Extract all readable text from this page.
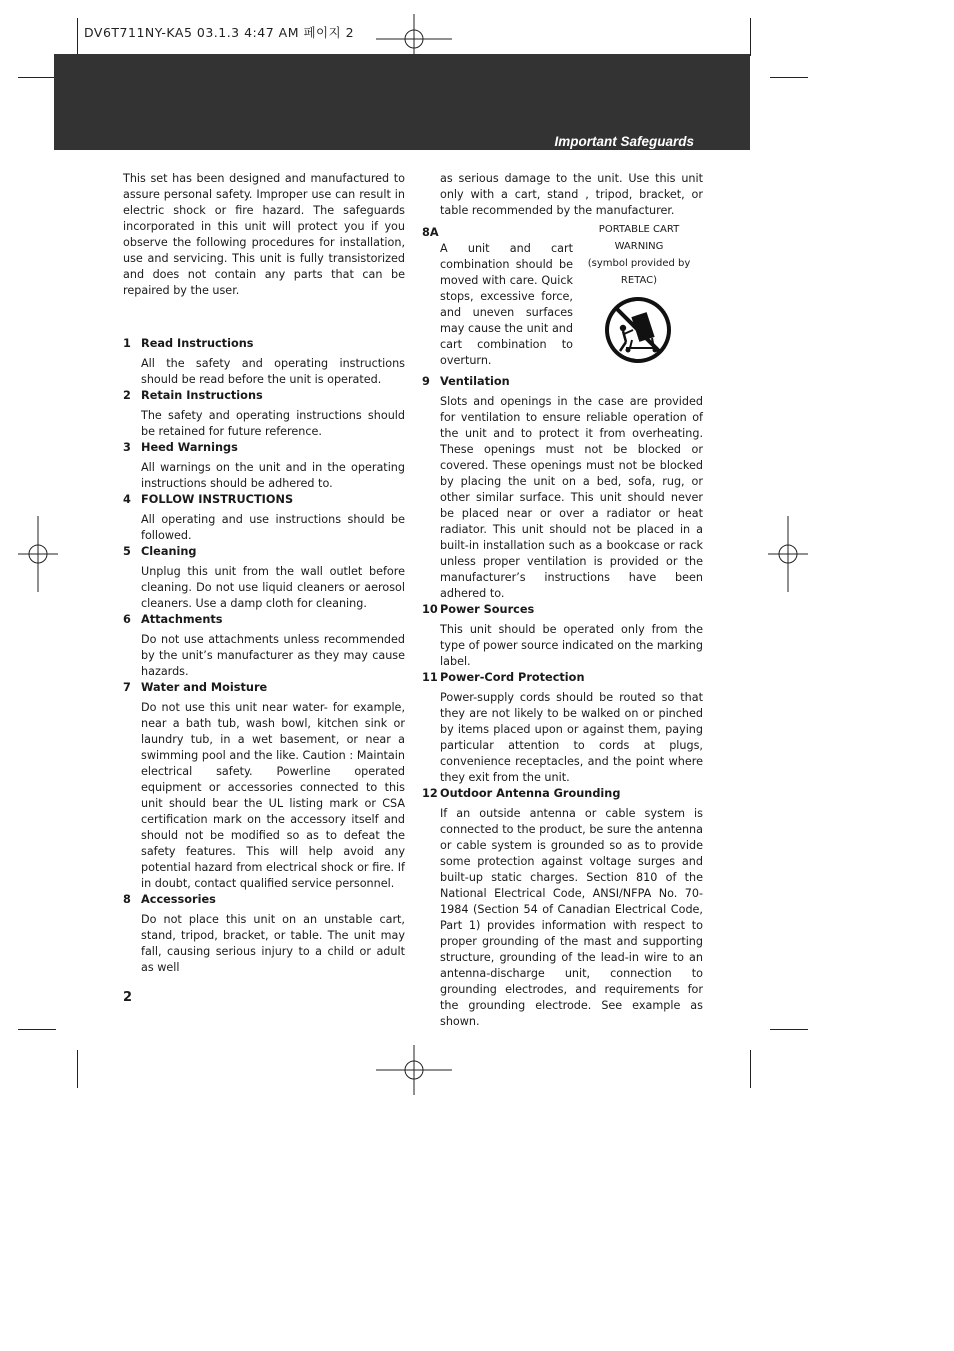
DV6T711NY-KA5 03.1.3 4:47 AM 페이지 2
Important Safeguards

This set has been designed and manufactured to assure personal safety. Improper use can result in electric shock or fire hazard. The safeguards incorporated in this unit will protect you if you observe the following procedures for installation, use and servicing. This unit is fully transistorized and does not contain any parts that can be repaired by the user.

1 Read Instructions

All the safety and operating instructions should be read before the unit is operated.

2 Retain Instructions

The safety and operating instructions should be retained for future reference.

3 Heed Warnings

All warnings on the unit and in the operating instructions should be adhered to.

4 FOLLOW INSTRUCTIONS

All operating and use instructions should be followed.

5 Cleaning

Unplug this unit from the wall outlet before cleaning. Do not use liquid cleaners or aerosol cleaners. Use a damp cloth for cleaning.

6 Attachments

Do not use attachments unless recommended by the unit’s manufacturer as they may cause hazards.

7 Water and Moisture

Do not use this unit near water- for example, near a bath tub, wash bowl, kitchen sink or laundry tub, in a wet basement, or near a swimming pool and the like. Caution : Maintain electrical safety. Powerline operated equipment or accessories connected to this unit should bear the UL listing mark or CSA certification mark on the accessory itself and should not be modified so as to defeat the safety features. This will help avoid any potential hazard from electrical shock or fire. If in doubt, contact qualified service personnel.

8 Accessories

Do not place this unit on an unstable cart, stand, tripod, bracket, or table. The unit may fall, causing serious injury to a child or adult as well

as serious damage to the unit. Use this unit only with a cart, stand , tripod, bracket, or table recommended by the manufacturer.

8A	PORTABLE CART WARNING
(symbol provided by RETAC)

A unit and cart combination should be moved with care. Quick stops, excessive force, and uneven surfaces may cause the unit and cart combination to overturn.

9 Ventilation

Slots and openings in the case are provided for ventilation to ensure reliable operation of the unit and to protect it from overheating. These openings must not be blocked or covered. These openings must not be blocked by placing the unit on a bed, sofa, rug, or other similar surface. This unit should never be placed near or over a radiator or heat radiator. This unit should not be placed in a built-in installation such as a bookcase or rack unless proper ventilation is provided or the manufacturer’s instructions have been adhered to.

10 Power Sources

This unit should be operated only from the type of power source indicated on the marking label.

11 Power-Cord Protection

Power-supply cords should be routed so that they are not likely to be walked on or pinched by items placed upon or against them, paying particular attention to cords at plugs, convenience receptacles, and the point where they exit from the unit.

12 Outdoor Antenna Grounding

If an outside antenna or cable system is connected to the product, be sure the antenna or cable system is grounded so as to provide some protection against voltage surges and built-up static charges. Section 810 of the National Electrical Code, ANSI/NFPA No. 70-1984 (Section 54 of Canadian Electrical Code, Part 1) provides information with respect to proper grounding of the mast and supporting structure, grounding of the lead-in wire to an antenna-discharge unit, connection to grounding electrodes, and requirements for the grounding electrode. See example as shown.

2
